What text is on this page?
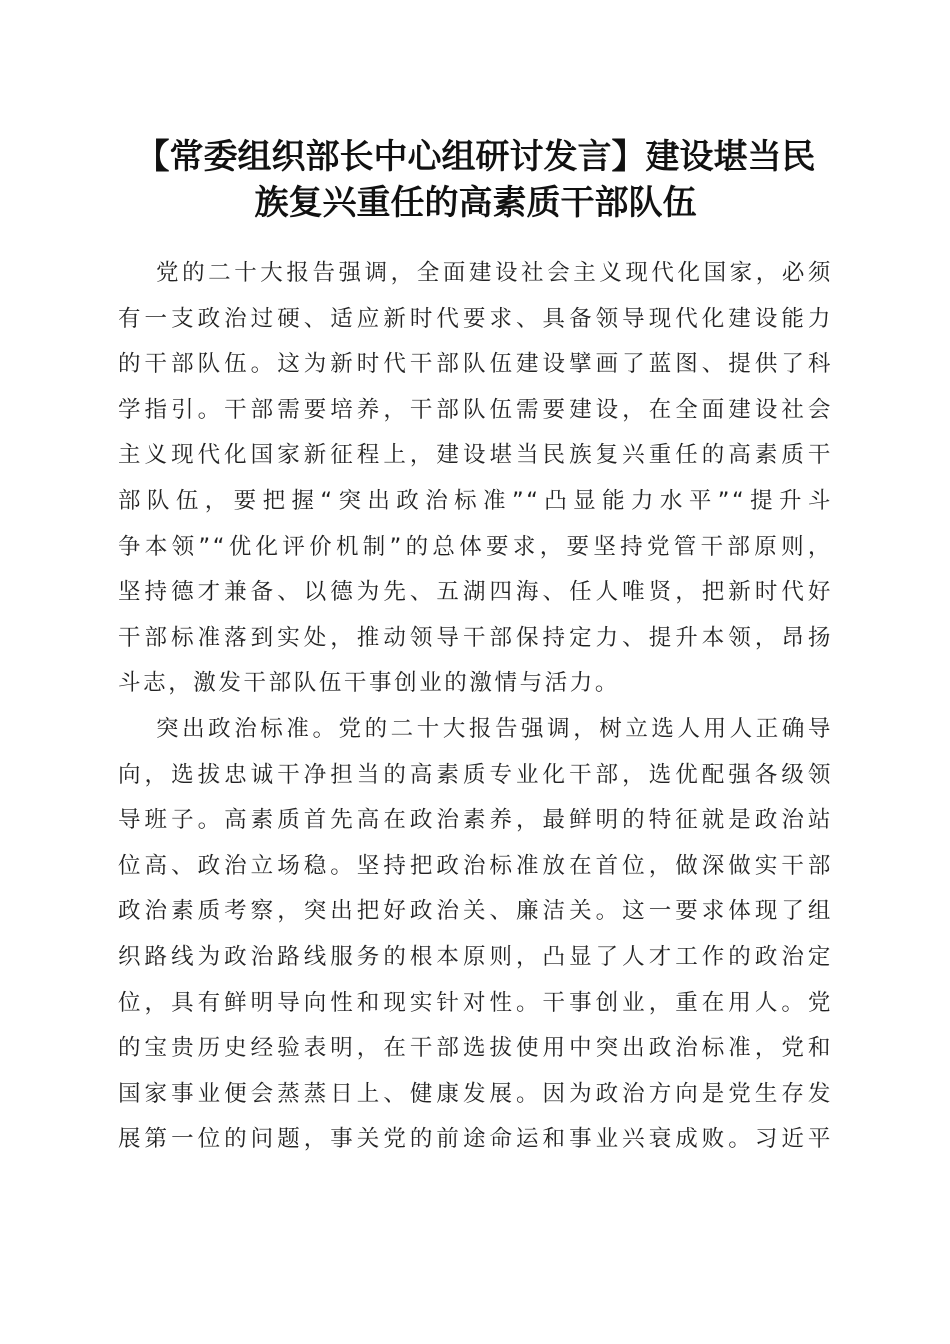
【常委组织部长中心组研讨发言】建设堪当民
族复兴重任的高素质干部队伍

党的二十大报告强调，全面建设社会主义现代化国家，必须
有一支政治过硬、适应新时代要求、具备领导现代化建设能力
的干部队伍。这为新时代干部队伍建设擘画了蓝图、提供了科
学指引。干部需要培养，干部队伍需要建设，在全面建设社会
主义现代化国家新征程上，建设堪当民族复兴重任的高素质干
部队伍，要把握“突出政治标准”“凸显能力水平”“提升斗
争本领”“优化评价机制”的总体要求，要坚持党管干部原则，
坚持德才兼备、以德为先、五湖四海、任人唯贤，把新时代好
干部标准落到实处，推动领导干部保持定力、提升本领，昂扬
斗志，激发干部队伍干事创业的激情与活力。

突出政治标准。党的二十大报告强调，树立选人用人正确导
向，选拔忠诚干净担当的高素质专业化干部，选优配强各级领
导班子。高素质首先高在政治素养，最鲜明的特征就是政治站
位高、政治立场稳。坚持把政治标准放在首位，做深做实干部
政治素质考察，突出把好政治关、廉洁关。这一要求体现了组
织路线为政治路线服务的根本原则，凸显了人才工作的政治定
位，具有鲜明导向性和现实针对性。干事创业，重在用人。党
的宝贵历史经验表明，在干部选拔使用中突出政治标准，党和
国家事业便会蒸蒸日上、健康发展。因为政治方向是党生存发
展第一位的问题，事关党的前途命运和事业兴衰成败。习近平
